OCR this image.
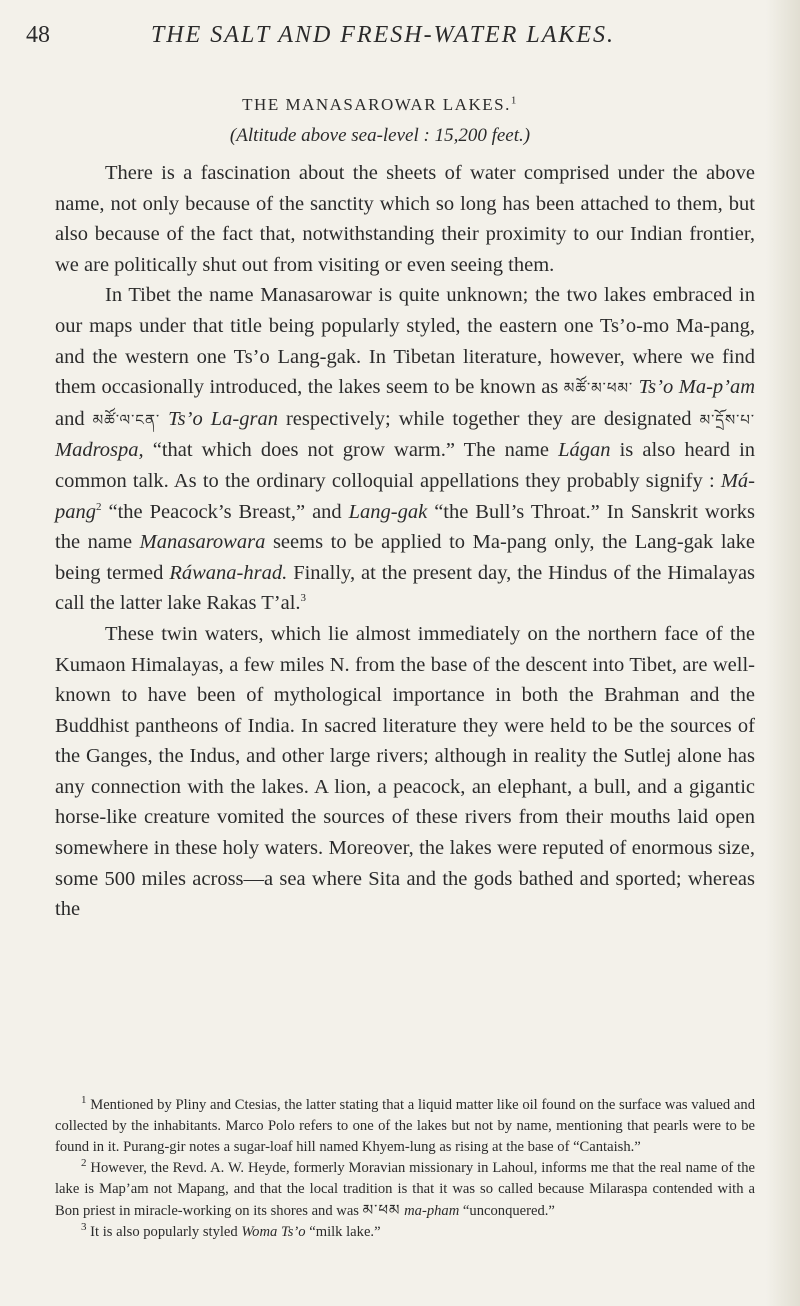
48	THE SALT AND FRESH-WATER LAKES.
THE MANASAROWAR LAKES.$^1$
(Altitude above sea-level : 15,200 feet.)

There is a fascination about the sheets of water comprised under the above name, not only because of the sanctity which so long has been attached to them, but also because of the fact that, notwithstanding their proximity to our Indian frontier, we are politically shut out from visiting or even seeing them.

In Tibet the name Manasarowar is quite unknown; the two lakes embraced in our maps under that title being popularly styled, the eastern one Ts’o-mo Ma-pang, and the western one Ts’o Lang-gak. In Tibetan literature, however, where we find them occasionally introduced, the lakes seem to be known as མཚོ་མ་ཕམ་ Ts’o Ma-p’am and མཚོ་ལ་ངན་ Ts’o La-gran respectively; while together they are designated མ་དྲོས་པ་ Madrospa, “that which does not grow warm.” The name Lágan is also heard in common talk. As to the ordinary colloquial appellations they probably signify : Má-pang$^2$ “the Peacock’s Breast,” and Lang-gak “the Bull’s Throat.” In Sanskrit works the name Manasarowara seems to be applied to Ma-pang only, the Lang-gak lake being termed Ráwana-hrad. Finally, at the present day, the Hindus of the Himalayas call the latter lake Rakas T’al.$^3$

These twin waters, which lie almost immediately on the northern face of the Kumaon Himalayas, a few miles N. from the base of the descent into Tibet, are well-known to have been of mythological importance in both the Brahman and the Buddhist pantheons of India. In sacred literature they were held to be the sources of the Ganges, the Indus, and other large rivers; although in reality the Sutlej alone has any connection with the lakes. A lion, a peacock, an elephant, a bull, and a gigantic horse-like creature vomited the sources of these rivers from their mouths laid open somewhere in these holy waters. Moreover, the lakes were reputed of enormous size, some 500 miles across—a sea where Sita and the gods bathed and sported; whereas the

$^1$ Mentioned by Pliny and Ctesias, the latter stating that a liquid matter like oil found on the surface was valued and collected by the inhabitants. Marco Polo refers to one of the lakes but not by name, mentioning that pearls were to be found in it. Purang-gir notes a sugar-loaf hill named Khyem-lung as rising at the base of “Cantaish.”

$^2$ However, the Revd. A. W. Heyde, formerly Moravian missionary in Lahoul, informs me that the real name of the lake is Map’am not Mapang, and that the local tradition is that it was so called because Milaraspa contended with a Bon priest in miracle-working on its shores and was མ་ཕམ ma-pham “unconquered.”

$^3$ It is also popularly styled Woma Ts’o “milk lake.”
